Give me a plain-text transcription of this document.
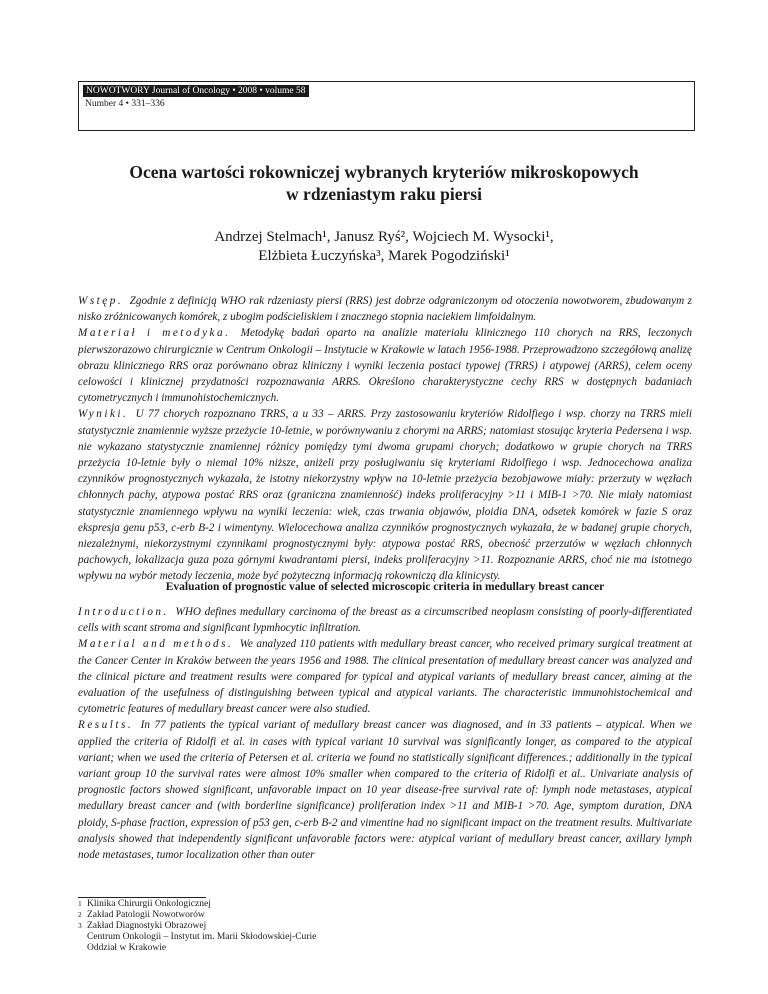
NOWOTWORY Journal of Oncology • 2008 • volume 58
Number 4 • 331–336
Ocena wartości rokowniczej wybranych kryteriów mikroskopowych
w rdzeniastym raku piersi
Andrzej Stelmach¹, Janusz Ryś², Wojciech M. Wysocki¹,
Elżbieta Łuczyńska³, Marek Pogodziński¹

Wstęp. Zgodnie z definicją WHO rak rdzeniasty piersi (RRS) jest dobrze odgraniczonym od otoczenia nowotworem, zbudowanym z nisko zróżnicowanych komórek, z ubogim podścieliskiem i znacznego stopnia naciekiem limfoidalnym.

Materiał i metodyka. Metodykę badań oparto na analizie materiału klinicznego 110 chorych na RRS, leczonych pierwszorazowo chirurgicznie w Centrum Onkologii – Instytucie w Krakowie w latach 1956-1988. Przeprowadzono szczegółową analizę obrazu klinicznego RRS oraz porównano obraz kliniczny i wyniki leczenia postaci typowej (TRRS) i atypowej (ARRS), celem oceny celowości i klinicznej przydatności rozpoznawania ARRS. Określono charakterystyczne cechy RRS w dostępnych badaniach cytometrycznych i immunohistochemicznych.

Wyniki. U 77 chorych rozpoznano TRRS, a u 33 – ARRS. Przy zastosowaniu kryteriów Ridolfiego i wsp. chorzy na TRRS mieli statystycznie znamiennie wyższe przeżycie 10-letnie, w porównywaniu z chorymi na ARRS; natomiast stosując kryteria Pedersena i wsp. nie wykazano statystycznie znamiennej różnicy pomiędzy tymi dwoma grupami chorych; dodatkowo w grupie chorych na TRRS przeżycia 10-letnie były o niemal 10% niższe, aniżeli przy posługiwaniu się kryteriami Ridolfiego i wsp. Jednocechowa analiza czynników prognostycznych wykazała, że istotny niekorzystny wpływ na 10-letnie przeżycia bezobjawowe miały: przerzuty w węzłach chłonnych pachy, atypowa postać RRS oraz (graniczna znamienność) indeks proliferacyjny >11 i MIB-1 >70. Nie miały natomiast statystycznie znamiennego wpływu na wyniki leczenia: wiek, czas trwania objawów, ploidia DNA, odsetek komórek w fazie S oraz ekspresja genu p53, c-erb B-2 i wimentyny. Wielocechowa analiza czynników prognostycznych wykazała, że w badanej grupie chorych, niezależnymi, niekorzystnymi czynnikami prognostycznymi były: atypowa postać RRS, obecność przerzutów w węzłach chłonnych pachowych, lokalizacja guza poza górnymi kwadrantami piersi, indeks proliferacyjny >11. Rozpoznanie ARRS, choć nie ma istotnego wpływu na wybór metody leczenia, może być pożyteczną informacją rokowniczą dla klinicysty.

Evaluation of prognostic value of selected microscopic criteria in medullary breast cancer

Introduction. WHO defines medullary carcinoma of the breast as a circumscribed neoplasm consisting of poorly-differentiated cells with scant stroma and significant lypmhocytic infiltration.

Material and methods. We analyzed 110 patients with medullary breast cancer, who received primary surgical treatment at the Cancer Center in Kraków between the years 1956 and 1988. The clinical presentation of medullary breast cancer was analyzed and the clinical picture and treatment results were compared for typical and atypical variants of medullary breast cancer, aiming at the evaluation of the usefulness of distinguishing between typical and atypical variants. The characteristic immunohistochemical and cytometric features of medullary breast cancer were also studied.

Results. In 77 patients the typical variant of medullary breast cancer was diagnosed, and in 33 patients – atypical. When we applied the criteria of Ridolfi et al. in cases with typical variant 10 survival was significantly longer, as compared to the atypical variant; when we used the criteria of Petersen et al. criteria we found no statistically significant differences.; additionally in the typical variant group 10 the survival rates were almost 10% smaller when compared to the criteria of Ridolfi et al.. Univariate analysis of prognostic factors showed significant, unfavorable impact on 10 year disease-free survival rate of: lymph node metastases, atypical medullary breast cancer and (with borderline significance) proliferation index >11 and MIB-1 >70. Age, symptom duration, DNA ploidy, S-phase fraction, expression of p53 gen, c-erb B-2 and vimentine had no significant impact on the treatment results. Multivariate analysis showed that independently significant unfavorable factors were: atypical variant of medullary breast cancer, axillary lymph node metastases, tumor localization other than outer

1 Klinika Chirurgii Onkologicznej
2 Zakład Patologii Nowotworów
3 Zakład Diagnostyki Obrazowej
Centrum Onkologii – Instytut im. Marii Skłodowskiej-Curie
Oddział w Krakowie
